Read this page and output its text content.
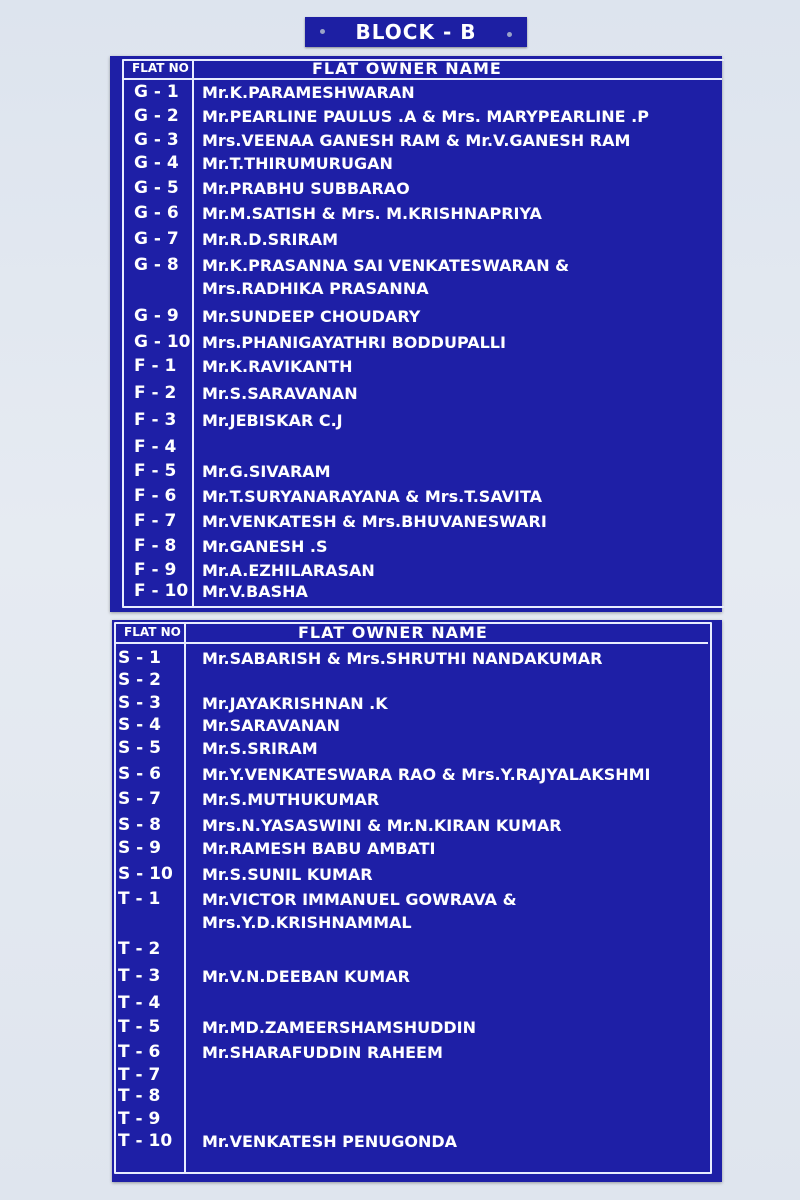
BLOCK - B
FLAT NO	FLAT OWNER NAME
G - 1 Mr.K.PARAMESHWARAN
G - 2 Mr.PEARLINE PAULUS .A & Mrs. MARYPEARLINE .P
G - 3 Mrs.VEENAA GANESH RAM & Mr.V.GANESH RAM
G - 4 Mr.T.THIRUMURUGAN
G - 5 Mr.PRABHU SUBBARAO
G - 6 Mr.M.SATISH & Mrs. M.KRISHNAPRIYA
G - 7 Mr.R.D.SRIRAM
G - 8 Mr.K.PRASANNA SAI VENKATESWARAN &
Mrs.RADHIKA PRASANNA
G - 9 Mr.SUNDEEP CHOUDARY
G - 10 Mrs.PHANIGAYATHRI BODDUPALLI
F - 1 Mr.K.RAVIKANTH
F - 2 Mr.S.SARAVANAN
F - 3 Mr.JEBISKAR C.J
F - 4
F - 5 Mr.G.SIVARAM
F - 6 Mr.T.SURYANARAYANA & Mrs.T.SAVITA
F - 7 Mr.VENKATESH & Mrs.BHUVANESWARI
F - 8 Mr.GANESH .S
F - 9 Mr.A.EZHILARASAN
F - 10 Mr.V.BASHA
FLAT NO	FLAT OWNER NAME
S - 1	Mr.SABARISH & Mrs.SHRUTHI NANDAKUMAR
S - 2
S - 3	Mr.JAYAKRISHNAN .K
S - 4	Mr.SARAVANAN
S - 5	Mr.S.SRIRAM
S - 6	Mr.Y.VENKATESWARA RAO & Mrs.Y.RAJYALAKSHMI
S - 7	Mr.S.MUTHUKUMAR
S - 8	Mrs.N.YASASWINI & Mr.N.KIRAN KUMAR
S - 9	Mr.RAMESH BABU AMBATI
S - 10 Mr.S.SUNIL KUMAR
T - 1	Mr.VICTOR IMMANUEL GOWRAVA &
Mrs.Y.D.KRISHNAMMAL
T - 2
T - 3	Mr.V.N.DEEBAN KUMAR
T - 4
T - 5	Mr.MD.ZAMEERSHAMSHUDDIN
T - 6	Mr.SHARAFUDDIN RAHEEM
T - 7
T - 8
T - 9
T - 10 Mr.VENKATESH PENUGONDA
